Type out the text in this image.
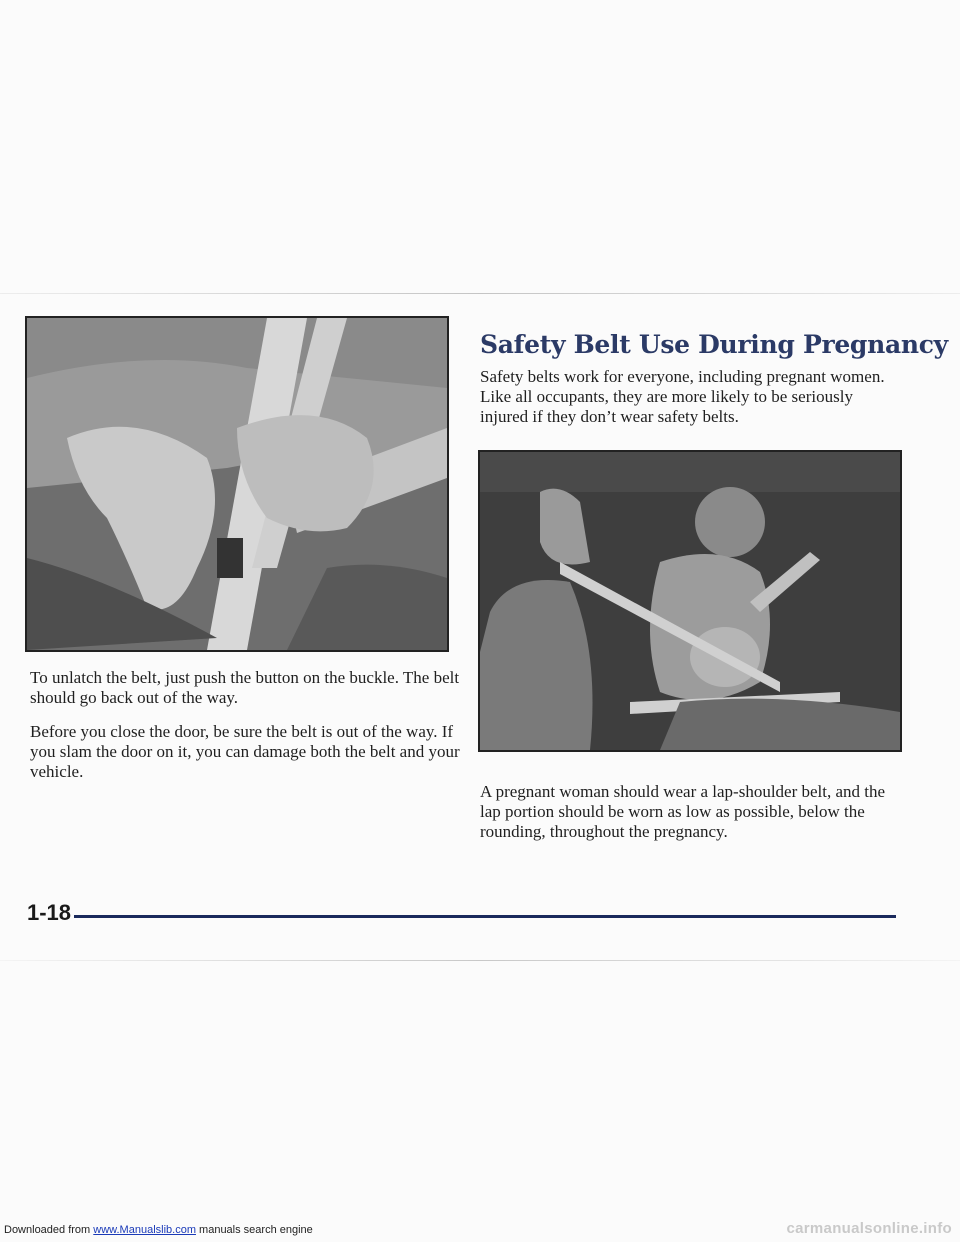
Safety Belt Use During Pregnancy

Safety belts work for everyone, including pregnant women. Like all occupants, they are more likely to be seriously injured if they don’t wear safety belts.

To unlatch the belt, just push the button on the buckle. The belt should go back out of the way.

Before you close the door, be sure the belt is out of the way. If you slam the door on it, you can damage both the belt and your vehicle.

A pregnant woman should wear a lap-shoulder belt, and the lap portion should be worn as low as possible, below the rounding, throughout the pregnancy.

1-18
Downloaded from www.Manualslib.com manuals search engine	carmanualsonline.info
